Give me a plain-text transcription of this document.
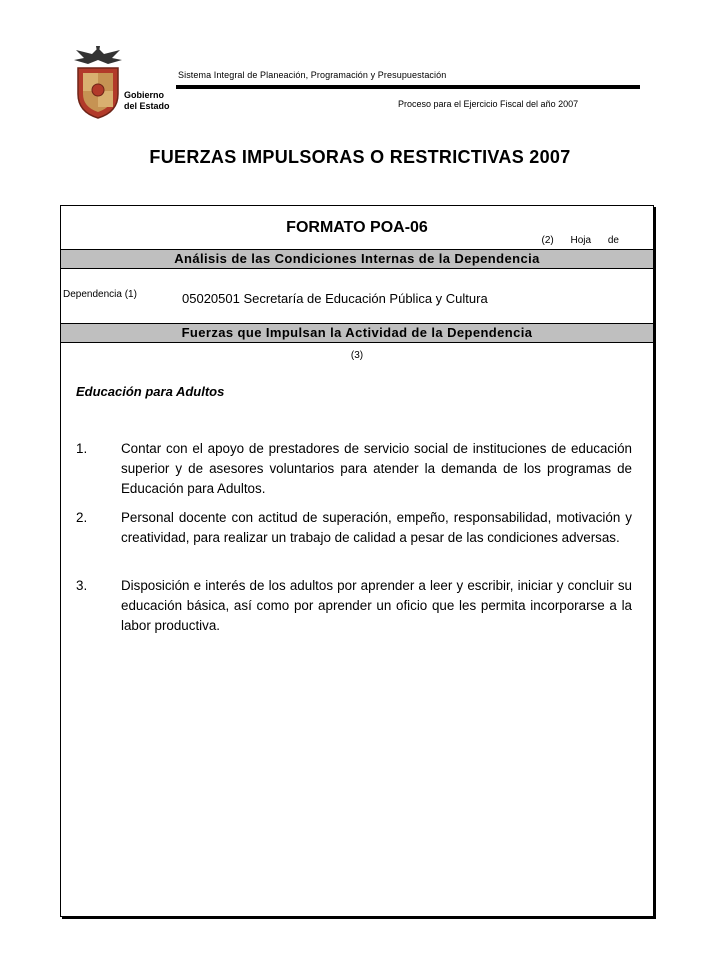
Gobierno
del Estado
Sistema Integral de Planeación, Programación y Presupuestación
Proceso para el Ejercicio Fiscal del año 2007
FUERZAS IMPULSORAS O RESTRICTIVAS 2007
FORMATO POA-06
(2) Hoja de
Análisis de las Condiciones Internas de la Dependencia
Dependencia (1)	05020501 Secretaría de Educación Pública y Cultura
Fuerzas que Impulsan la Actividad de la Dependencia
(3)
Educación para Adultos
1.	Contar con el apoyo de prestadores de servicio social de instituciones de educación superior y de asesores voluntarios para atender la demanda de los programas de Educación para Adultos.
2.	Personal docente con actitud de superación, empeño, responsabilidad, motivación y creatividad, para realizar un trabajo de calidad a pesar de las condiciones adversas.
3.	Disposición e interés de los adultos por aprender a leer y escribir, iniciar y concluir su educación básica, así como por aprender un oficio que les permita incorporarse a la labor productiva.
